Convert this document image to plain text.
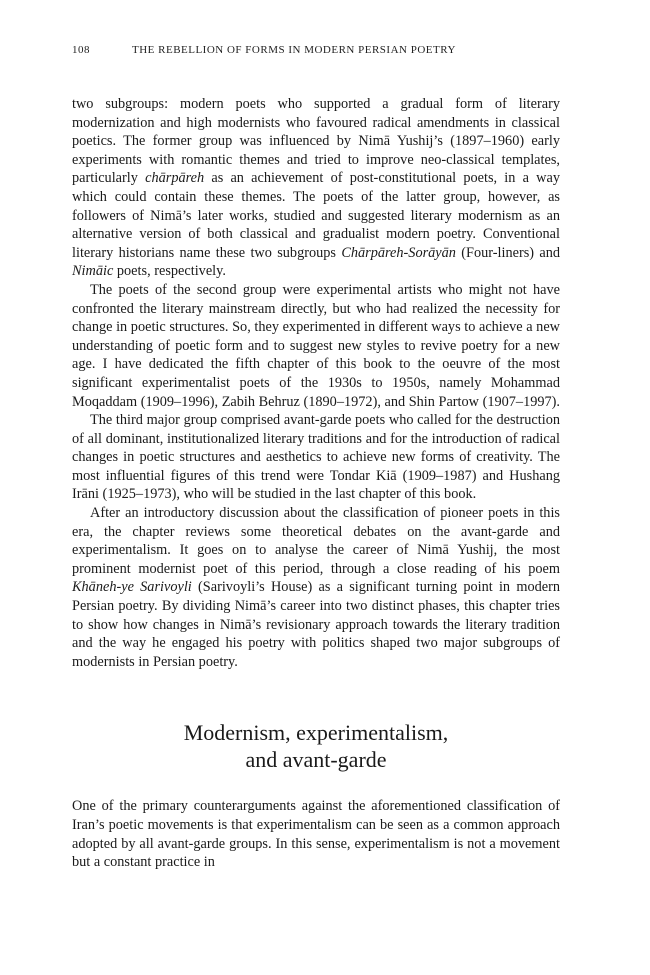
108	THE REBELLION OF FORMS IN MODERN PERSIAN POETRY

two subgroups: modern poets who supported a gradual form of literary modernization and high modernists who favoured radical amendments in classical poetics. The former group was influenced by Nimā Yushij’s (1897–1960) early experiments with romantic themes and tried to improve neo-classical templates, particularly chārpāreh as an achievement of post-constitutional poets, in a way which could contain these themes. The poets of the latter group, however, as followers of Nimā’s later works, studied and suggested literary modernism as an alternative version of both classical and gradualist modern poetry. Conventional literary historians name these two subgroups Chārpāreh-Sorāyān (Four-liners) and Nimāic poets, respectively.

The poets of the second group were experimental artists who might not have confronted the literary mainstream directly, but who had realized the necessity for change in poetic structures. So, they experimented in different ways to achieve a new understanding of poetic form and to suggest new styles to revive poetry for a new age. I have dedicated the fifth chapter of this book to the oeuvre of the most significant experimentalist poets of the 1930s to 1950s, namely Mohammad Moqaddam (1909–1996), Zabih Behruz (1890–1972), and Shin Partow (1907–1997).

The third major group comprised avant-garde poets who called for the destruction of all dominant, institutionalized literary traditions and for the introduction of radical changes in poetic structures and aesthetics to achieve new forms of creativity. The most influential figures of this trend were Tondar Kiā (1909–1987) and Hushang Irāni (1925–1973), who will be studied in the last chapter of this book.

After an introductory discussion about the classification of pioneer poets in this era, the chapter reviews some theoretical debates on the avant-garde and experimentalism. It goes on to analyse the career of Nimā Yushij, the most prominent modernist poet of this period, through a close reading of his poem Khāneh-ye Sarivoyli (Sarivoyli’s House) as a significant turning point in modern Persian poetry. By dividing Nimā’s career into two distinct phases, this chapter tries to show how changes in Nimā’s revisionary approach towards the literary tradition and the way he engaged his poetry with politics shaped two major subgroups of modernists in Persian poetry.

Modernism, experimentalism,
and avant-garde

One of the primary counterarguments against the aforementioned classification of Iran’s poetic movements is that experimentalism can be seen as a common approach adopted by all avant-garde groups. In this sense, experimentalism is not a movement but a constant practice in
